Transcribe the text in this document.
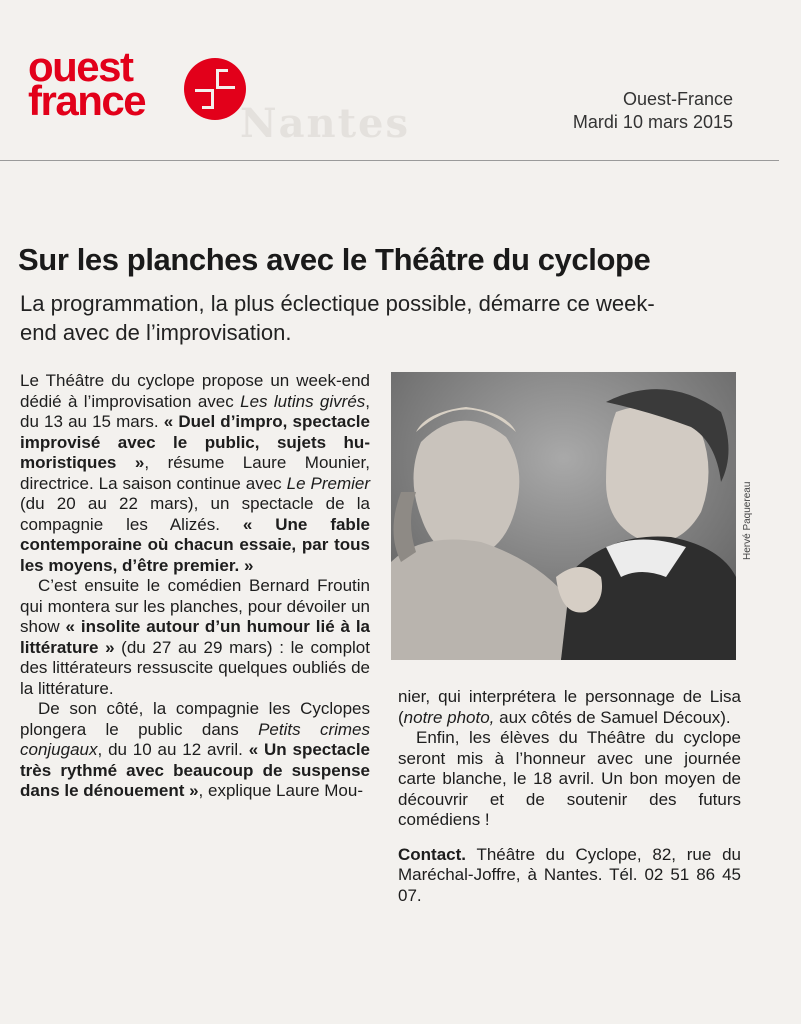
ouest
france Nantes
Ouest-France
Mardi 10 mars 2015
Sur les planches avec le Théâtre du cyclope
La programmation, la plus éclectique possible, démarre ce week-end avec de l’improvisation.

Le Théâtre du cyclope propose un week-end dédié à l’improvisation avec Les lutins givrés, du 13 au 15 mars. « Duel d’impro, spectacle improvisé avec le public, sujets humoristiques », résume Laure Mounier, directrice. La saison continue avec Le Premier (du 20 au 22 mars), un spectacle de la compagnie les Alizés. « Une fable contemporaine où chacun essaie, par tous les moyens, d’être premier. »

C’est ensuite le comédien Bernard Froutin qui montera sur les planches, pour dévoiler un show « insolite autour d’un humour lié à la littérature » (du 27 au 29 mars) : le complot des littérateurs ressuscite quelques oubliés de la littérature.

De son côté, la compagnie les Cyclopes plongera le public dans Petits crimes conjugaux, du 10 au 12 avril. « Un spectacle très rythmé avec beaucoup de suspense dans le dénouement », explique Laure Mou-

Hervé Paquereau

nier, qui interprétera le personnage de Lisa (notre photo, aux côtés de Samuel Découx).

Enfin, les élèves du Théâtre du cyclope seront mis à l’honneur avec une journée carte blanche, le 18 avril. Un bon moyen de découvrir et de soutenir des futurs comédiens !

Contact. Théâtre du Cyclope, 82, rue du Maréchal-Joffre, à Nantes. Tél. 02 51 86 45 07.
